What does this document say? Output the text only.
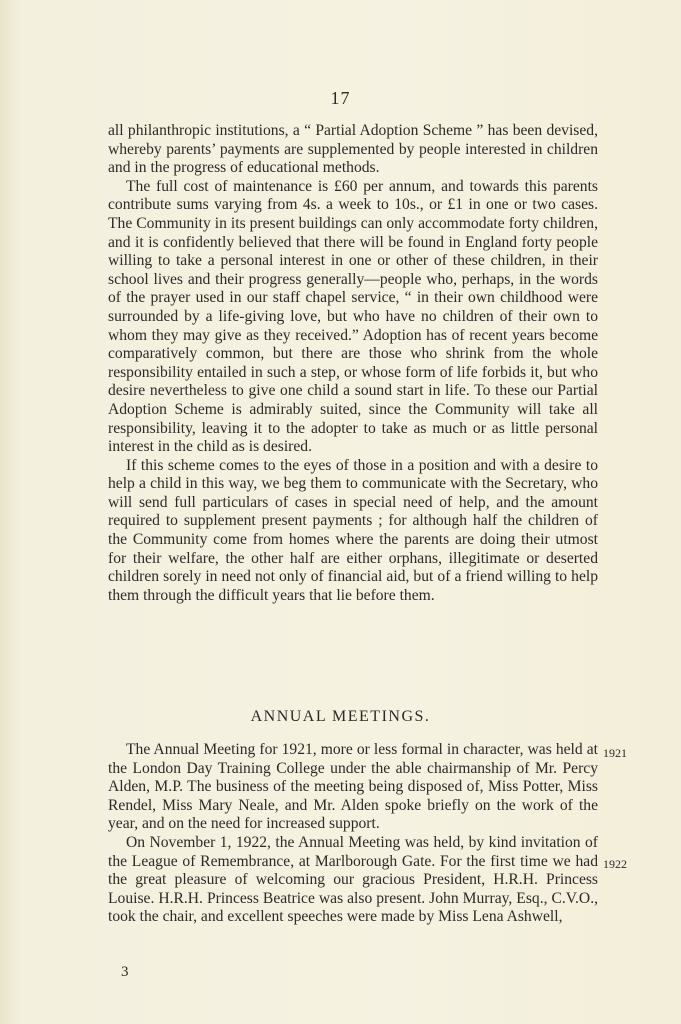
17

all philanthropic institutions, a “ Partial Adoption Scheme ” has been devised, whereby parents’ payments are supplemented by people interested in children and in the progress of educational methods.

The full cost of maintenance is £60 per annum, and towards this parents contribute sums varying from 4s. a week to 10s., or £1 in one or two cases. The Community in its present buildings can only accommodate forty children, and it is confidently believed that there will be found in England forty people willing to take a personal interest in one or other of these children, in their school lives and their progress generally—people who, perhaps, in the words of the prayer used in our staff chapel service, “ in their own childhood were surrounded by a life-giving love, but who have no children of their own to whom they may give as they received.” Adoption has of recent years become comparatively common, but there are those who shrink from the whole responsibility entailed in such a step, or whose form of life forbids it, but who desire nevertheless to give one child a sound start in life. To these our Partial Adoption Scheme is admirably suited, since the Community will take all responsibility, leaving it to the adopter to take as much or as little personal interest in the child as is desired.

If this scheme comes to the eyes of those in a position and with a desire to help a child in this way, we beg them to communicate with the Secretary, who will send full particulars of cases in special need of help, and the amount required to supplement present payments ; for although half the children of the Community come from homes where the parents are doing their utmost for their welfare, the other half are either orphans, illegitimate or deserted children sorely in need not only of financial aid, but of a friend willing to help them through the difficult years that lie before them.

ANNUAL MEETINGS.

The Annual Meeting for 1921, more or less formal in character, was held at the London Day Training College under the able chairmanship of Mr. Percy Alden, M.P. The business of the meeting being disposed of, Miss Potter, Miss Rendel, Miss Mary Neale, and Mr. Alden spoke briefly on the work of the year, and on the need for increased support.

On November 1, 1922, the Annual Meeting was held, by kind invitation of the League of Remembrance, at Marlborough Gate. For the first time we had the great pleasure of welcoming our gracious President, H.R.H. Princess Louise. H.R.H. Princess Beatrice was also present. John Murray, Esq., C.V.O., took the chair, and excellent speeches were made by Miss Lena Ashwell,

1921
1922
3
